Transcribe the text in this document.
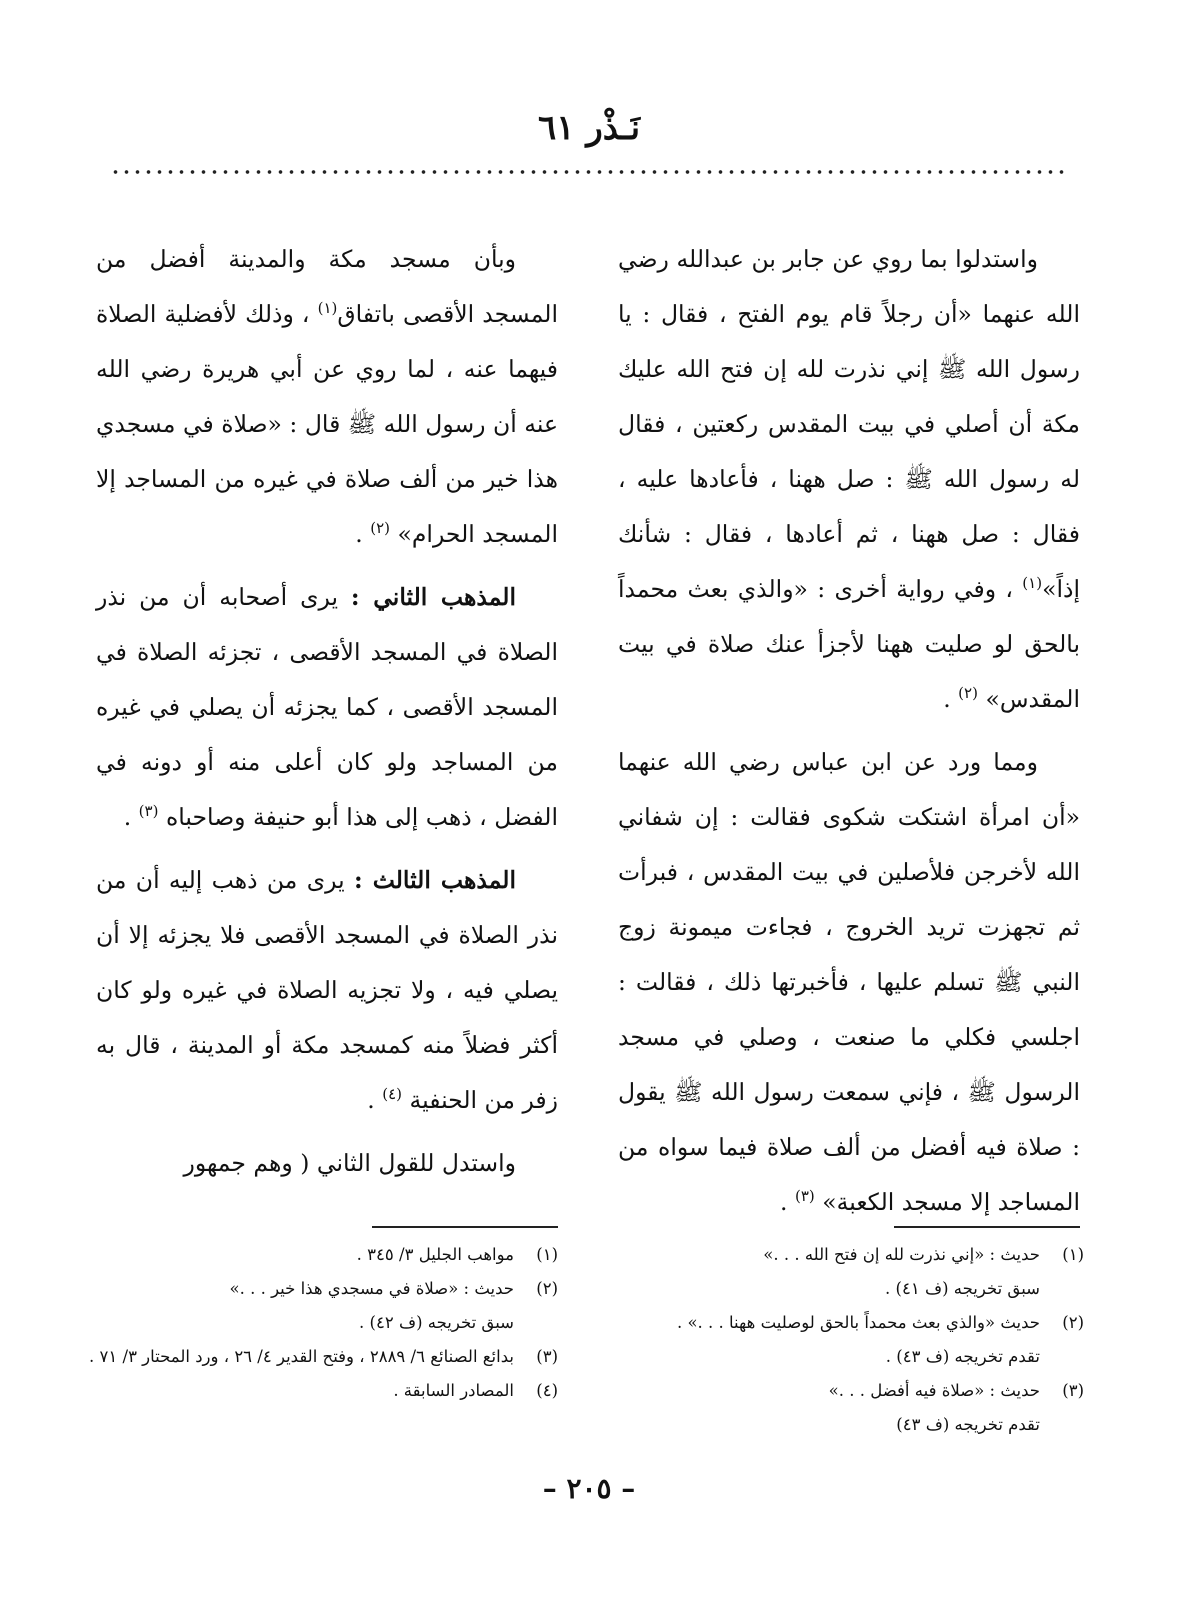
نَـذْر ٦١

واستدلوا بما روي عن جابر بن عبدالله رضي الله عنهما «أن رجلاً قام يوم الفتح ، فقال : يا رسول الله ﷺ إني نذرت لله إن فتح الله عليك مكة أن أصلي في بيت المقدس ركعتين ، فقال له رسول الله ﷺ : صل ههنا ، فأعادها عليه ، فقال : صل ههنا ، ثم أعادها ، فقال : شأنك إذاً»$^{(١)}$ ، وفي رواية أخرى : «والذي بعث محمداً بالحق لو صليت ههنا لأجزأ عنك صلاة في بيت المقدس» $^{(٢)}$ .

ومما ورد عن ابن عباس رضي الله عنهما «أن امرأة اشتكت شكوى فقالت : إن شفاني الله لأخرجن فلأصلين في بيت المقدس ، فبرأت ثم تجهزت تريد الخروج ، فجاءت ميمونة زوج النبي ﷺ تسلم عليها ، فأخبرتها ذلك ، فقالت : اجلسي فكلي ما صنعت ، وصلي في مسجد الرسول ﷺ ، فإني سمعت رسول الله ﷺ يقول : صلاة فيه أفضل من ألف صلاة فيما سواه من المساجد إلا مسجد الكعبة» $^{(٣)}$ .

وبأن مسجد مكة والمدينة أفضل من المسجد الأقصى باتفاق$^{(١)}$ ، وذلك لأفضلية الصلاة فيهما عنه ، لما روي عن أبي هريرة رضي الله عنه أن رسول الله ﷺ قال : «صلاة في مسجدي هذا خير من ألف صلاة في غيره من المساجد إلا المسجد الحرام» $^{(٢)}$ .

المذهب الثاني : يرى أصحابه أن من نذر الصلاة في المسجد الأقصى ، تجزئه الصلاة في المسجد الأقصى ، كما يجزئه أن يصلي في غيره من المساجد ولو كان أعلى منه أو دونه في الفضل ، ذهب إلى هذا أبو حنيفة وصاحباه $^{(٣)}$ .

المذهب الثالث : يرى من ذهب إليه أن من نذر الصلاة في المسجد الأقصى فلا يجزئه إلا أن يصلي فيه ، ولا تجزيه الصلاة في غيره ولو كان أكثر فضلاً منه كمسجد مكة أو المدينة ، قال به زفر من الحنفية $^{(٤)}$ .

واستدل للقول الثاني ( وهم جمهور

(١)
حديث : «إني نذرت لله إن فتح الله . . .»
سبق تخريجه (ف ٤١) .
(٢)
حديث «والذي بعث محمداً بالحق لوصليت ههنا . . .» .
تقدم تخريجه (ف ٤٣) .
(٣)
حديث : «صلاة فيه أفضل . . .»
تقدم تخريجه (ف ٤٣)
(١)
مواهب الجليل ٣/ ٣٤٥ .
(٢)
حديث : «صلاة في مسجدي هذا خير . . .»
سبق تخريجه (ف ٤٢) .
(٣)
بدائع الصنائع ٦/ ٢٨٨٩ ، وفتح القدير ٤/ ٢٦ ، ورد المحتار ٣/ ٧١ .
(٤)
المصادر السابقة .
– ٢٠٥ –
